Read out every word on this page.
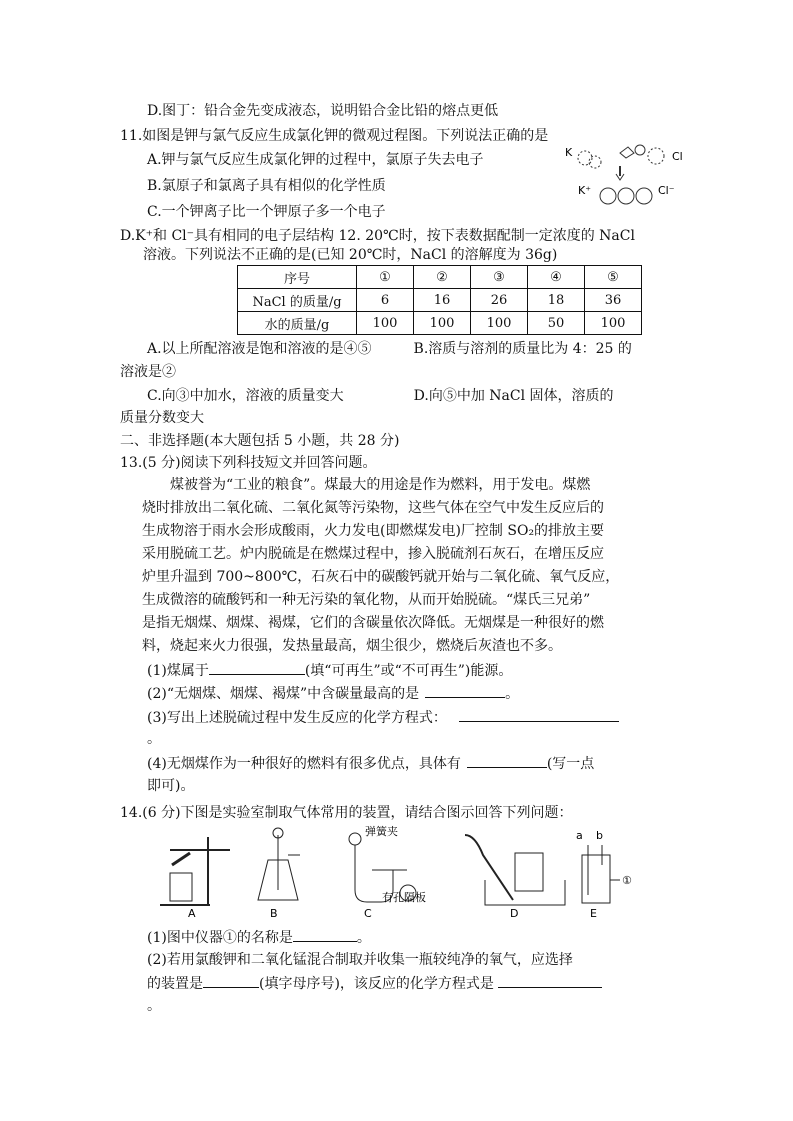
D.图丁：铅合金先变成液态，说明铅合金比铅的熔点更低
11.如图是钾与氯气反应生成氯化钾的微观过程图。下列说法正确的是
A.钾与氯气反应生成氯化钾的过程中，氯原子失去电子
B.氯原子和氯离子具有相似的化学性质
C.一个钾离子比一个钾原子多一个电子
D.K⁺和 Cl⁻具有相同的电子层结构 12. 20℃时，按下表数据配制一定浓度的 NaCl
溶液。下列说法不正确的是(已知 20℃时，NaCl 的溶解度为 36g)
K	Cl
K⁺	Cl⁻
序号	①	②	③	④	⑤
NaCl 的质量/g	6	16	26	18	36
水的质量/g	100	100	100	50	100
A.以上所配溶液是饱和溶液的是④⑤　　　B.溶质与溶剂的质量比为 4：25 的
溶液是②
C.向③中加水，溶液的质量变大　　　　　D.向⑤中加 NaCl 固体，溶质的
质量分数变大
二、非选择题(本大题包括 5 小题，共 28 分)
13.(5 分)阅读下列科技短文并回答问题。
　　煤被誉为“工业的粮食”。煤最大的用途是作为燃料，用于发电。煤燃
烧时排放出二氧化硫、二氧化氮等污染物，这些气体在空气中发生反应后的
生成物溶于雨水会形成酸雨，火力发电(即燃煤发电)厂控制 SO₂的排放主要
采用脱硫工艺。炉内脱硫是在燃煤过程中，掺入脱硫剂石灰石，在增压反应
炉里升温到 700~800℃，石灰石中的碳酸钙就开始与二氧化硫、氧气反应，
生成微溶的硫酸钙和一种无污染的氧化物，从而开始脱硫。“煤氏三兄弟”
是指无烟煤、烟煤、褐煤，它们的含碳量依次降低。无烟煤是一种很好的燃
料，烧起来火力很强，发热量最高，烟尘很少，燃烧后灰渣也不多。
(1)煤属于	(填“可再生”或“不可再生”)能源。
(2)“无烟煤、烟煤、褐煤”中含碳量最高的是	。
(3)写出上述脱硫过程中发生反应的化学方程式：
。
(4)无烟煤作为一种很好的燃料有很多优点，具体有	(写一点
即可)。
14.(6 分)下图是实验室制取气体常用的装置，请结合图示回答下列问题：
A	B
弹簧夹
有孔隔板
C	D
a b
①
E
(1)图中仪器①的名称是	。
(2)若用氯酸钾和二氧化锰混合制取并收集一瓶较纯净的氧气，应选择
的装置是	(填字母序号)，该反应的化学方程式是
。
